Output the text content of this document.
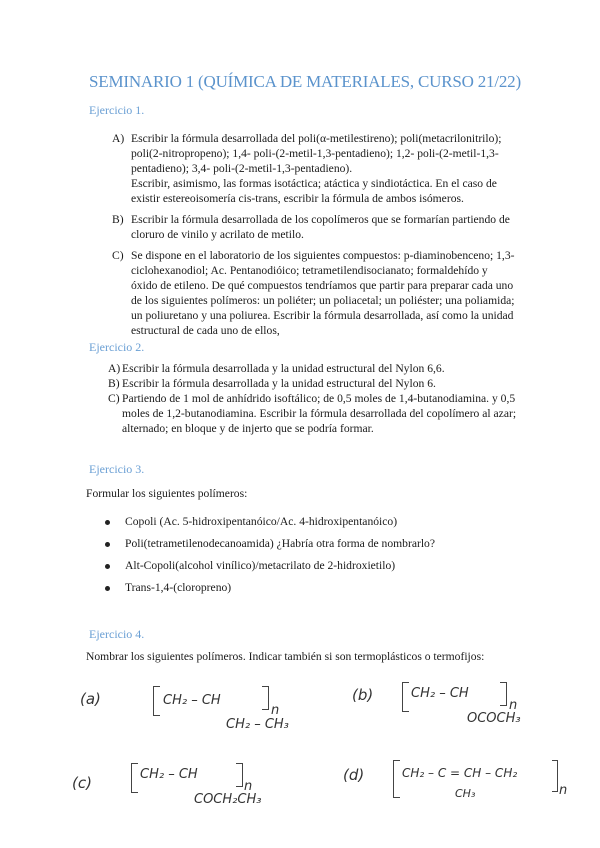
SEMINARIO 1 (QUÍMICA DE MATERIALES, CURSO 21/22)
Ejercicio 1.
A) Escribir la fórmula desarrollada del poli(α-metilestireno); poli(metacrilonitrilo); poli(2-nitropropeno); 1,4- poli-(2-metil-1,3-pentadieno); 1,2- poli-(2-metil-1,3-pentadieno); 3,4- poli-(2-metil-1,3-pentadieno).
Escribir, asimismo, las formas isotáctica; atáctica y sindiotáctica. En el caso de existir estereoisomería cis-trans, escribir la fórmula de ambos isómeros.
B) Escribir la fórmula desarrollada de los copolímeros que se formarían partiendo de cloruro de vinilo y acrilato de metilo.
C) Se dispone en el laboratorio de los siguientes compuestos: p-diaminobenceno; 1,3-ciclohexanodiol; Ac. Pentanodióico; tetrametilendisocianato; formaldehído y óxido de etileno. De qué compuestos tendríamos que partir para preparar cada uno de los siguientes polímeros: un poliéter; un poliacetal; un poliéster; una poliamida; un poliuretano y una poliurea. Escribir la fórmula desarrollada, así como la unidad estructural de cada uno de ellos,
Ejercicio 2.
A) Escribir la fórmula desarrollada y la unidad estructural del Nylon 6,6.
B) Escribir la fórmula desarrollada y la unidad estructural del Nylon 6.
C) Partiendo de 1 mol de anhídrido isoftálico; de 0,5 moles de 1,4-butanodiamina. y 0,5 moles de 1,2-butanodiamina. Escribir la fórmula desarrollada del copolímero al azar; alternado; en bloque y de injerto que se podría formar.
Ejercicio 3.
Formular los siguientes polímeros:
Copoli (Ac. 5-hidroxipentanóico/Ac. 4-hidroxipentanóico)
Poli(tetrametilenodecanoamida) ¿Habría otra forma de nombrarlo?
Alt-Copoli(alcohol vinílico)/metacrilato de 2-hidroxietilo)
Trans-1,4-(cloropreno)
Ejercicio 4.
Nombrar los siguientes polímeros. Indicar también si son termoplásticos o termofijos:
(a)	CH₂ – CH
n
CH₂ – CH₃
(b)	CH₂ – CH
n
OCOCH₃
(c)	CH₂ – CH
n
COCH₂CH₃
(d)	CH₂ – C = CH – CH₂
n
CH₃
